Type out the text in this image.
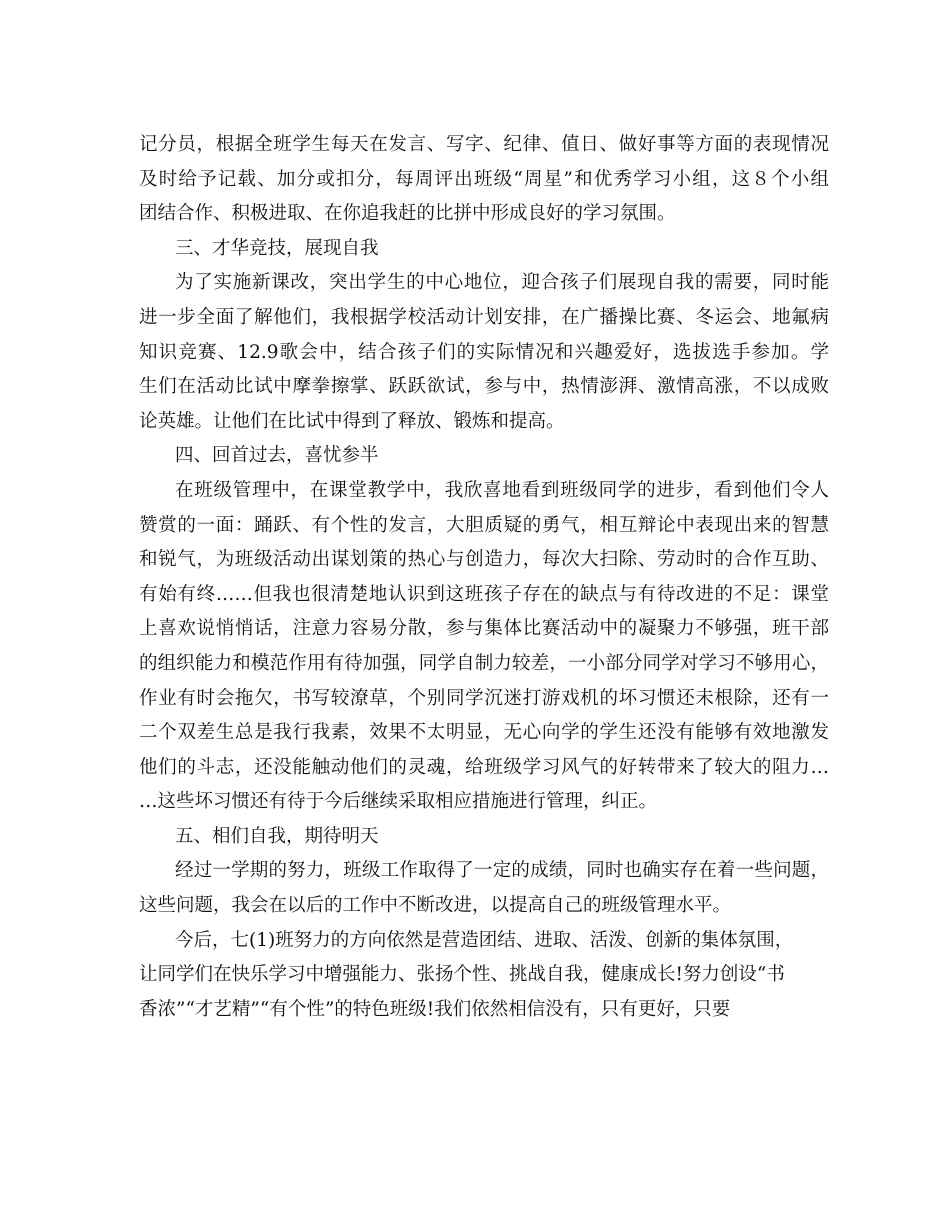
记分员，根据全班学生每天在发言、写字、纪律、值日、做好事等方面的表现情况
及时给予记载、加分或扣分，每周评出班级“周星”和优秀学习小组，这８个小组
团结合作、积极进取、在你追我赶的比拼中形成良好的学习氛围。
三、才华竞技，展现自我
为了实施新课改，突出学生的中心地位，迎合孩子们展现自我的需要，同时能
进一步全面了解他们，我根据学校活动计划安排，在广播操比赛、冬运会、地氟病
知识竞赛、12.9歌会中，结合孩子们的实际情况和兴趣爱好，选拔选手参加。学
生们在活动比试中摩拳擦掌、跃跃欲试，参与中，热情澎湃、激情高涨，不以成败
论英雄。让他们在比试中得到了释放、锻炼和提高。
四、回首过去，喜忧参半
在班级管理中，在课堂教学中，我欣喜地看到班级同学的进步，看到他们令人
赞赏的一面：踊跃、有个性的发言，大胆质疑的勇气，相互辩论中表现出来的智慧
和锐气，为班级活动出谋划策的热心与创造力，每次大扫除、劳动时的合作互助、
有始有终……但我也很清楚地认识到这班孩子存在的缺点与有待改进的不足：课堂
上喜欢说悄悄话，注意力容易分散，参与集体比赛活动中的凝聚力不够强，班干部
的组织能力和模范作用有待加强，同学自制力较差，一小部分同学对学习不够用心，
作业有时会拖欠，书写较潦草，个别同学沉迷打游戏机的坏习惯还未根除，还有一
二个双差生总是我行我素，效果不太明显，无心向学的学生还没有能够有效地激发
他们的斗志，还没能触动他们的灵魂，给班级学习风气的好转带来了较大的阻力…
…这些坏习惯还有待于今后继续采取相应措施进行管理，纠正。
五、相们自我，期待明天
经过一学期的努力，班级工作取得了一定的成绩，同时也确实存在着一些问题，
这些问题，我会在以后的工作中不断改进，以提高自己的班级管理水平。
今后，七(1)班努力的方向依然是营造团结、进取、活泼、创新的集体氛围，
让同学们在快乐学习中增强能力、张扬个性、挑战自我，健康成长!努力创设“书
香浓”“才艺精”“有个性”的特色班级!我们依然相信没有，只有更好，只要
